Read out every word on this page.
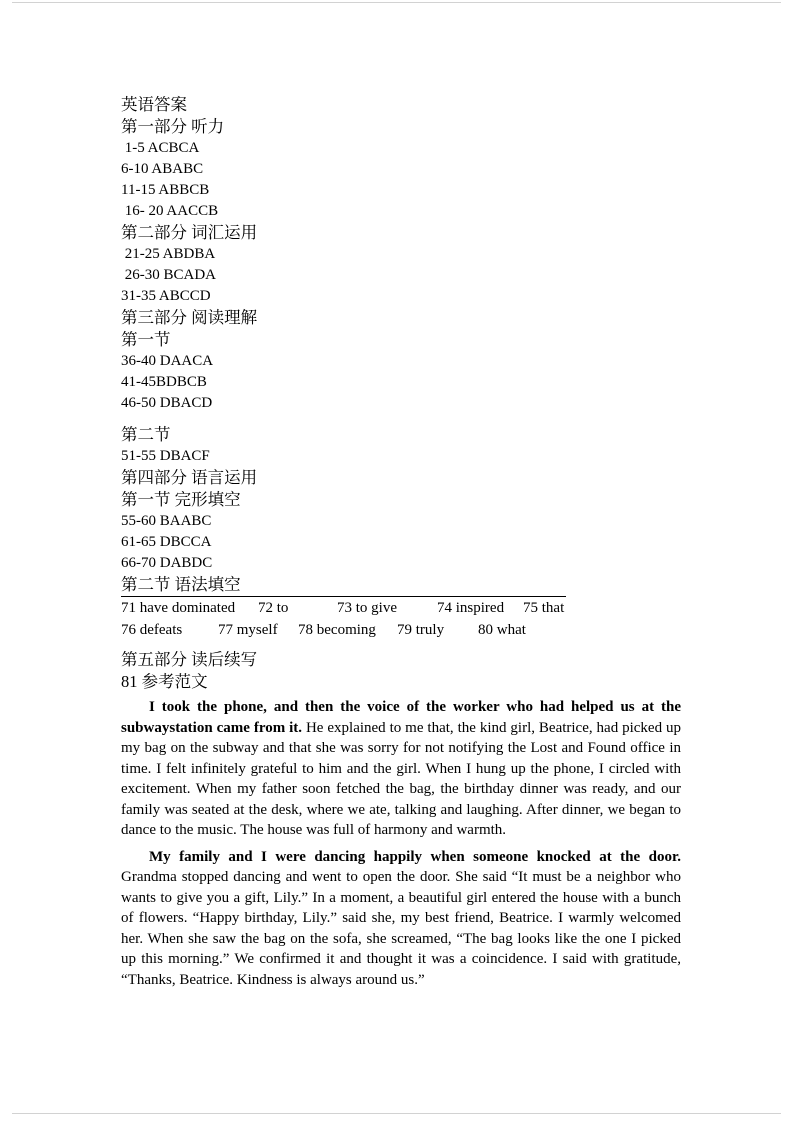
英语答案
第一部分 听力
1-5 ACBCA
6-10 ABABC
11-15 ABBCB
16- 20 AACCB
第二部分 词汇运用
21-25 ABDBA
26-30 BCADA
31-35 ABCCD
第三部分 阅读理解
第一节
36-40 DAACA
41-45BDBCB
46-50 DBACD
第二节
51-55 DBACF
第四部分 语言运用
第一节 完形填空
55-60 BAABC
61-65 DBCCA
66-70 DABDC
第二节 语法填空
71 have dominated	72 to	73 to give	74 inspired	75 that
76 defeats	77 myself	78 becoming	79 truly	80 what
第五部分 读后续写
81 参考范文

I took the phone, and then the voice of the worker who had helped us at the subwaystation came from it. He explained to me that, the kind girl, Beatrice, had picked up my bag on the subway and that she was sorry for not notifying the Lost and Found office in time. I felt infinitely grateful to him and the girl. When I hung up the phone, I circled with excitement. When my father soon fetched the bag, the birthday dinner was ready, and our family was seated at the desk, where we ate, talking and laughing. After dinner, we began to dance to the music. The house was full of harmony and warmth.

My family and I were dancing happily when someone knocked at the door. Grandma stopped dancing and went to open the door. She said “It must be a neighbor who wants to give you a gift, Lily.” In a moment, a beautiful girl entered the house with a bunch of flowers. “Happy birthday, Lily.” said she, my best friend, Beatrice. I warmly welcomed her. When she saw the bag on the sofa, she screamed, “The bag looks like the one I picked up this morning.” We confirmed it and thought it was a coincidence. I said with gratitude, “Thanks, Beatrice. Kindness is always around us.”
